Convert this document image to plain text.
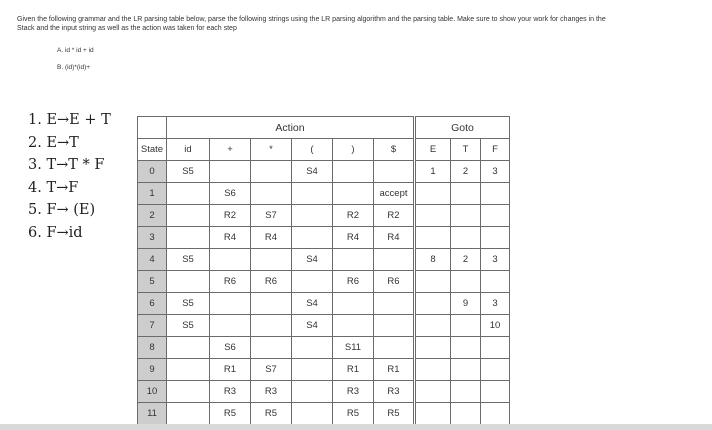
Given the following grammar and the LR parsing table below, parse the following strings using the LR parsing algorithm and the parsing table. Make sure to show your work for changes in the Stack and the input string as well as the action was taken for each step
A. id * id + id
B. (id)*(id)+
1. E→E + T
2. E→T
3. T→T * F
4. T→F
5. F→ (E)
6. F→id
	Action						Goto		
State	id	+	*	(	)	$	E	T	F
0	S5			S4			1	2	3
1		S6				accept			
2		R2	S7		R2	R2			
3		R4	R4		R4	R4			
4	S5			S4			8	2	3
5		R6	R6		R6	R6			
6	S5			S4				9	3
7	S5			S4					10
8		S6			S11				
9		R1	S7		R1	R1			
10		R3	R3		R3	R3			
11		R5	R5		R5	R5			
